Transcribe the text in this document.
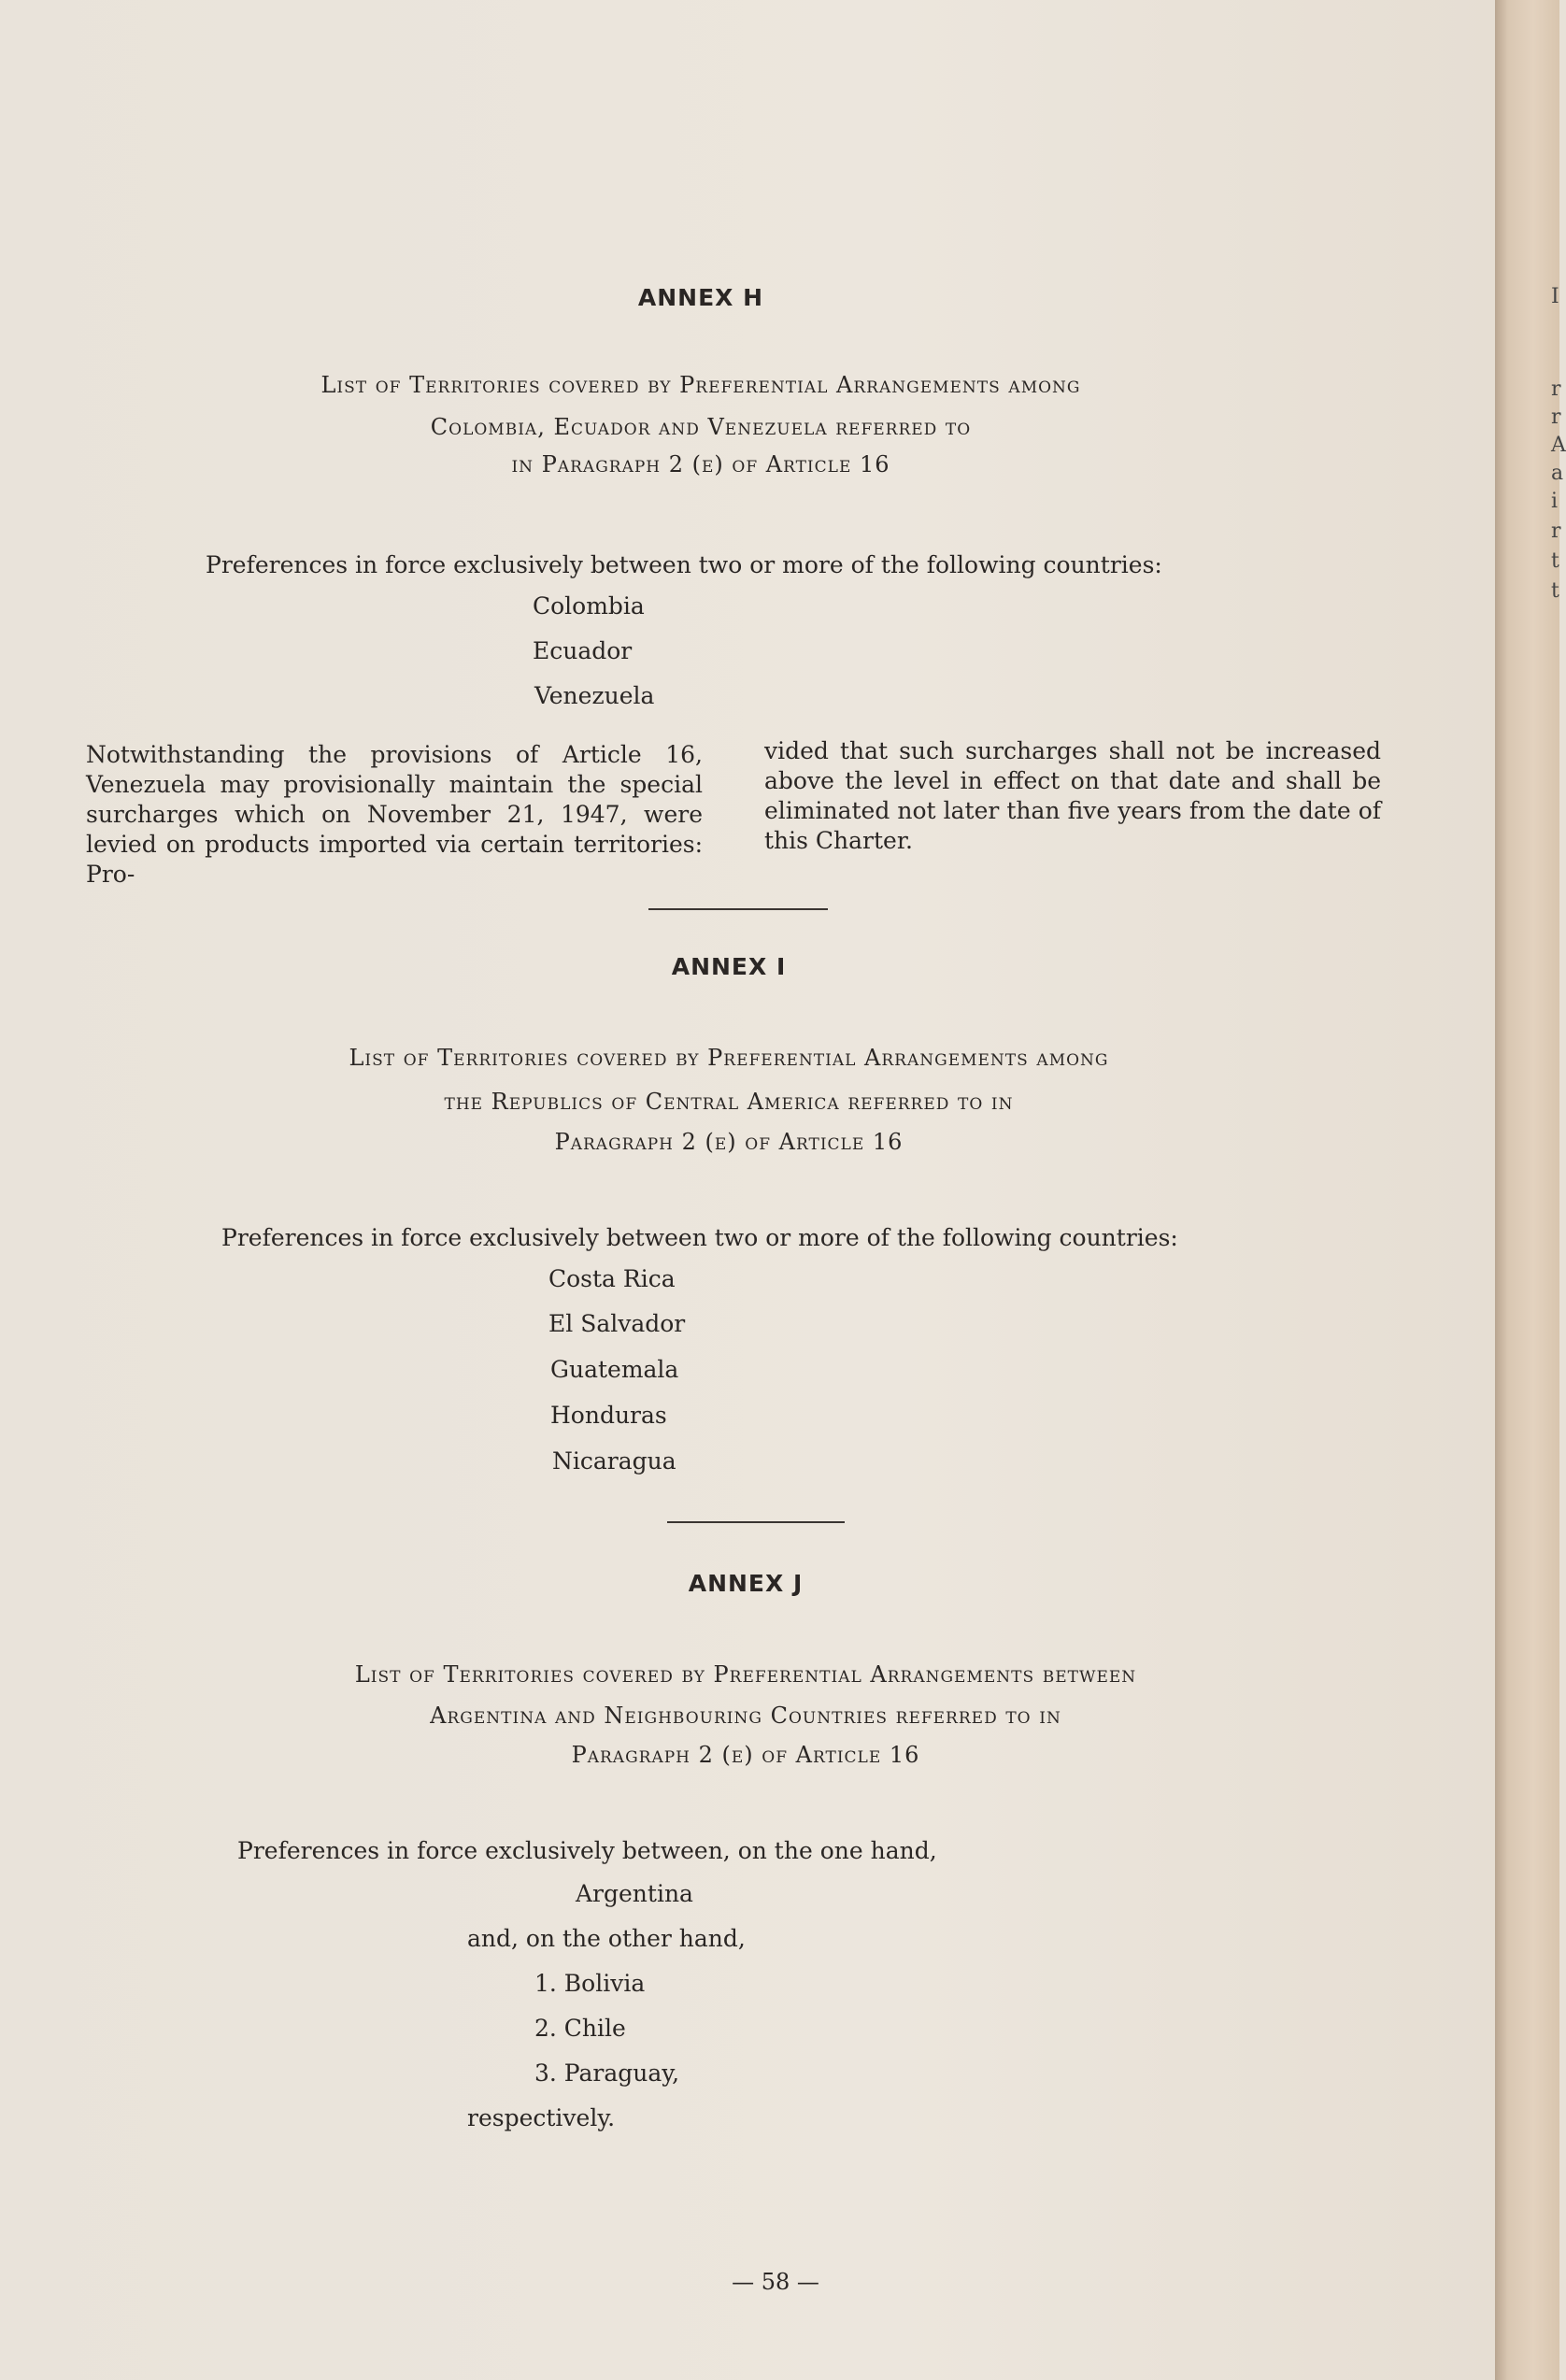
ANNEX H
List of Territories covered by Preferential Arrangements among
Colombia, Ecuador and Venezuela referred to
in Paragraph 2 (e) of Article 16
Preferences in force exclusively between two or more of the following countries:
Colombia
Ecuador
Venezuela
Notwithstanding the provisions of Article 16, Venezuela may provisionally maintain the special surcharges which on November 21, 1947, were levied on products imported via certain territories: Pro-
vided that such surcharges shall not be increased above the level in effect on that date and shall be eliminated not later than five years from the date of this Charter.
ANNEX I
List of Territories covered by Preferential Arrangements among
the Republics of Central America referred to in
Paragraph 2 (e) of Article 16
Preferences in force exclusively between two or more of the following countries:
Costa Rica
El Salvador
Guatemala
Honduras
Nicaragua
ANNEX J
List of Territories covered by Preferential Arrangements between
Argentina and Neighbouring Countries referred to in
Paragraph 2 (e) of Article 16
Preferences in force exclusively between, on the one hand,
Argentina
and, on the other hand,
1. Bolivia
2. Chile
3. Paraguay,
respectively.
— 58 —
I
r
r
A
a
i
r
t
t
